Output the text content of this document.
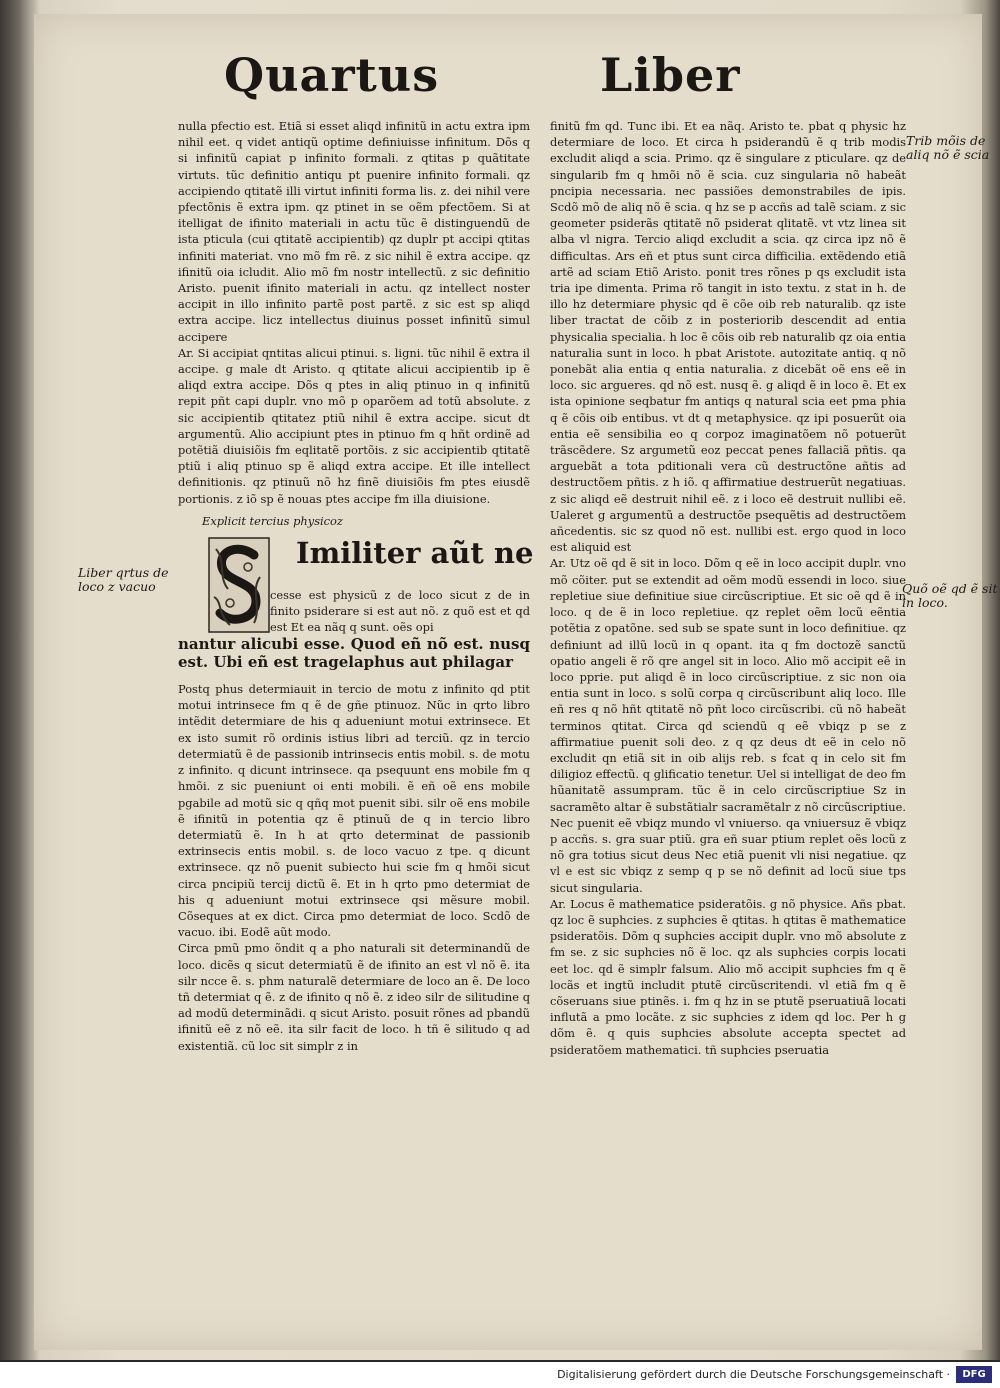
Quartus	Liber
Liber qrtus de loco z vacuo
Trib mõis de aliq nõ ẽ scia
Quõ oẽ qd ẽ sit in loco.

nulla pfectio est. Etiã si esset aliqd infinitũ in actu extra ipm nihil eet. q videt antiqũ optime definiuisse infinitum. Dõs q si infinitũ capiat p infinito formali. z qtitas p quãtitate virtuts. tũc definitio antiqu pt puenire infinito formali. qz accipiendo qtitatẽ illi virtut infiniti forma lis. z. dei nihil vere pfectõnis ẽ extra ipm. qz ptinet in se oẽm pfectõem. Si at itelligat de ifinito materiali in actu tũc ẽ distinguendũ de ista pticula (cui qtitatẽ accipientib) qz duplr pt accipi qtitas infiniti materiat. vno mõ fm rẽ. z sic nihil ẽ extra accipe. qz ifinitũ oia icludit. Alio mõ fm nostr intellectũ. z sic definitio Aristo. puenit ifinito materiali in actu. qz intellect noster accipit in illo infinito partẽ post partẽ. z sic est sp aliqd extra accipe. licz intellectus diuinus posset infinitũ simul accipere

Ar. Si accipiat qntitas alicui ptinui. s. ligni. tũc nihil ẽ extra il accipe. g male dt Aristo. q qtitate alicui accipientib ip ẽ aliqd extra accipe. Dõs q ptes in aliq ptinuo in q infinitũ repit pñt capi duplr. vno mõ p oparõem ad totũ absolute. z sic accipientib qtitatez ptiũ nihil ẽ extra accipe. sicut dt argumentũ. Alio accipiunt ptes in ptinuo fm q hñt ordinẽ ad potẽtiã diuisiõis fm eqlitatẽ portõis. z sic accipientib qtitatẽ ptiũ i aliq ptinuo sp ẽ aliqd extra accipe. Et ille intellect definitionis. qz ptinuũ nõ hz finẽ diuisiõis fm ptes eiusdẽ portionis. z iõ sp ẽ nouas ptes accipe fm illa diuisione.

Explicit tercius physicoz

Imiliter aũt ne
cesse est physicũ z de loco sicut z de in finito psiderare si est aut nõ. z quõ est et qd est Et ea nãq q sunt. oẽs opi
nantur alicubi esse. Quod eñ nõ est. nusq est. Ubi eñ est tragelaphus aut philagar

Postq phus determiauit in tercio de motu z infinito qd ptit motui intrinsece fm q ẽ de gñe ptinuoz. Nũc in qrto libro intẽdit determiare de his q adueniunt motui extrinsece. Et ex isto sumit rõ ordinis istius libri ad terciũ. qz in tercio determiatũ ẽ de passionib intrinsecis entis mobil. s. de motu z infinito. q dicunt intrinsece. qa psequunt ens mobile fm q hmõi. z sic pueniunt oi enti mobili. ẽ eñ oẽ ens mobile pgabile ad motũ sic q qñq mot puenit sibi. silr oẽ ens mobile ẽ ifinitũ in potentia qz ẽ ptinuũ de q in tercio libro determiatũ ẽ. In h at qrto determinat de passionib extrinsecis entis mobil. s. de loco vacuo z tpe. q dicunt extrinsece. qz nõ puenit subiecto hui scie fm q hmõi sicut circa pncipiũ tercij dictũ ẽ. Et in h qrto pmo determiat de his q adueniunt motui extrinsece qsi mẽsure mobil. Cõseques at ex dict. Circa pmo determiat de loco. Scdõ de vacuo. ibi. Eodẽ aũt modo.

Circa pmũ pmo õndit q a pho naturali sit determinandũ de loco. dicẽs q sicut determiatũ ẽ de ifinito an est vl nõ ẽ. ita silr ncce ẽ. s. phm naturalẽ determiare de loco an ẽ. De loco tñ determiat q ẽ. z de ifinito q nõ ẽ. z ideo silr de silitudine q ad modũ determinãdi. q sicut Aristo. posuit rõnes ad pbandũ ifinitũ eẽ z nõ eẽ. ita silr facit de loco. h tñ ẽ silitudo q ad existentiã. cũ loc sit simplr z in

finitũ fm qd. Tunc ibi. Et ea nãq. Aristo te. pbat q physic hz determiare de loco. Et circa h psiderandũ ẽ q trib modis excludit aliqd a scia. Primo. qz ẽ singulare z pticulare. qz de singularib fm q hmõi nõ ẽ scia. cuz singularia nõ habeãt pncipia necessaria. nec passiões demonstrabiles de ipis. Scdõ mõ de aliq nõ ẽ scia. q hz se p accñs ad talẽ sciam. z sic geometer psiderãs qtitatẽ nõ psiderat qlitatẽ. vt vtz linea sit alba vl nigra. Tercio aliqd excludit a scia. qz circa ipz nõ ẽ difficultas. Ars eñ et ptus sunt circa difficilia. extẽdendo etiã artẽ ad sciam Etiõ Aristo. ponit tres rõnes p qs excludit ista tria ipe dimenta. Prima rõ tangit in isto textu. z stat in h. de illo hz determiare physic qd ẽ cõe oib reb naturalib. qz iste liber tractat de cõib z in posteriorib descendit ad entia physicalia specialia. h loc ẽ cõis oib reb naturalib qz oia entia naturalia sunt in loco. h pbat Aristote. autozitate antiq. q nõ ponebãt alia entia q entia naturalia. z dicebãt oẽ ens eẽ in loco. sic argueres. qd nõ est. nusq ẽ. g aliqd ẽ in loco ẽ. Et ex ista opinione seqbatur fm antiqs q natural scia eet pma phia q ẽ cõis oib entibus. vt dt q metaphysice. qz ipi posuerũt oia entia eẽ sensibilia eo q corpoz imaginatõem nõ potuerũt trãscẽdere. Sz argumetũ eoz peccat penes fallaciã pñtis. qa arguebãt a tota pditionali vera cũ destructõne añtis ad destructõem pñtis. z h iõ. q affirmatiue destruerũt negatiuas. z sic aliqd eẽ destruit nihil eẽ. z i loco eẽ destruit nullibi eẽ. Ualeret g argumentũ a destructõe psequẽtis ad destructõem añcedentis. sic sz quod nõ est. nullibi est. ergo quod in loco est aliquid est

Ar. Utz oẽ qd ẽ sit in loco. Dõm q eẽ in loco accipit duplr. vno mõ cõiter. put se extendit ad oẽm modũ essendi in loco. siue repletiue siue definitiue siue circũscriptiue. Et sic oẽ qd ẽ in loco. q de ẽ in loco repletiue. qz replet oẽm locũ eẽntia potẽtia z opatõne. sed sub se spate sunt in loco definitiue. qz definiunt ad illũ locũ in q opant. ita q fm doctozẽ sanctũ opatio angeli ẽ rõ qre angel sit in loco. Alio mõ accipit eẽ in loco pprie. put aliqd ẽ in loco circũscriptiue. z sic non oia entia sunt in loco. s solũ corpa q circũscribunt aliq loco. Ille eñ res q nõ hñt qtitatẽ nõ pñt loco circũscribi. cũ nõ habeãt terminos qtitat. Circa qd sciendũ q eẽ vbiqz p se z affirmatiue puenit soli deo. z q qz deus dt eẽ in celo nõ excludit qn etiã sit in oib alijs reb. s fcat q in celo sit fm diligioz effectũ. q glificatio tenetur. Uel si intelligat de deo fm hũanitatẽ assumpram. tũc ẽ in celo circũscriptiue Sz in sacramẽto altar ẽ substãtialr sacramẽtalr z nõ circũscriptiue. Nec puenit eẽ vbiqz mundo vl vniuerso. qa vniuersuz ẽ vbiqz p accñs. s. gra suar ptiũ. gra eñ suar ptium replet oẽs locũ z nõ gra totius sicut deus Nec etiã puenit vli nisi negatiue. qz vl e est sic vbiqz z semp q p se nõ definit ad locũ siue tps sicut singularia.

Ar. Locus ẽ mathematice psideratõis. g nõ physice. Añs pbat. qz loc ẽ suphcies. z suphcies ẽ qtitas. h qtitas ẽ mathematice psideratõis. Dõm q suphcies accipit duplr. vno mõ absolute z fm se. z sic suphcies nõ ẽ loc. qz als suphcies corpis locati eet loc. qd ẽ simplr falsum. Alio mõ accipit suphcies fm q ẽ locãs et ingtũ includit ptutẽ circũscritendi. vl etiã fm q ẽ cõseruans siue ptinẽs. i. fm q hz in se ptutẽ pseruatiuã locati influtã a pmo locãte. z sic suphcies z idem qd loc. Per h g dõm ẽ. q quis suphcies absolute accepta spectet ad psideratõem mathematici. tñ suphcies pseruatia

Digitalisierung gefördert durch die Deutsche Forschungsgemeinschaft ·	DFG
